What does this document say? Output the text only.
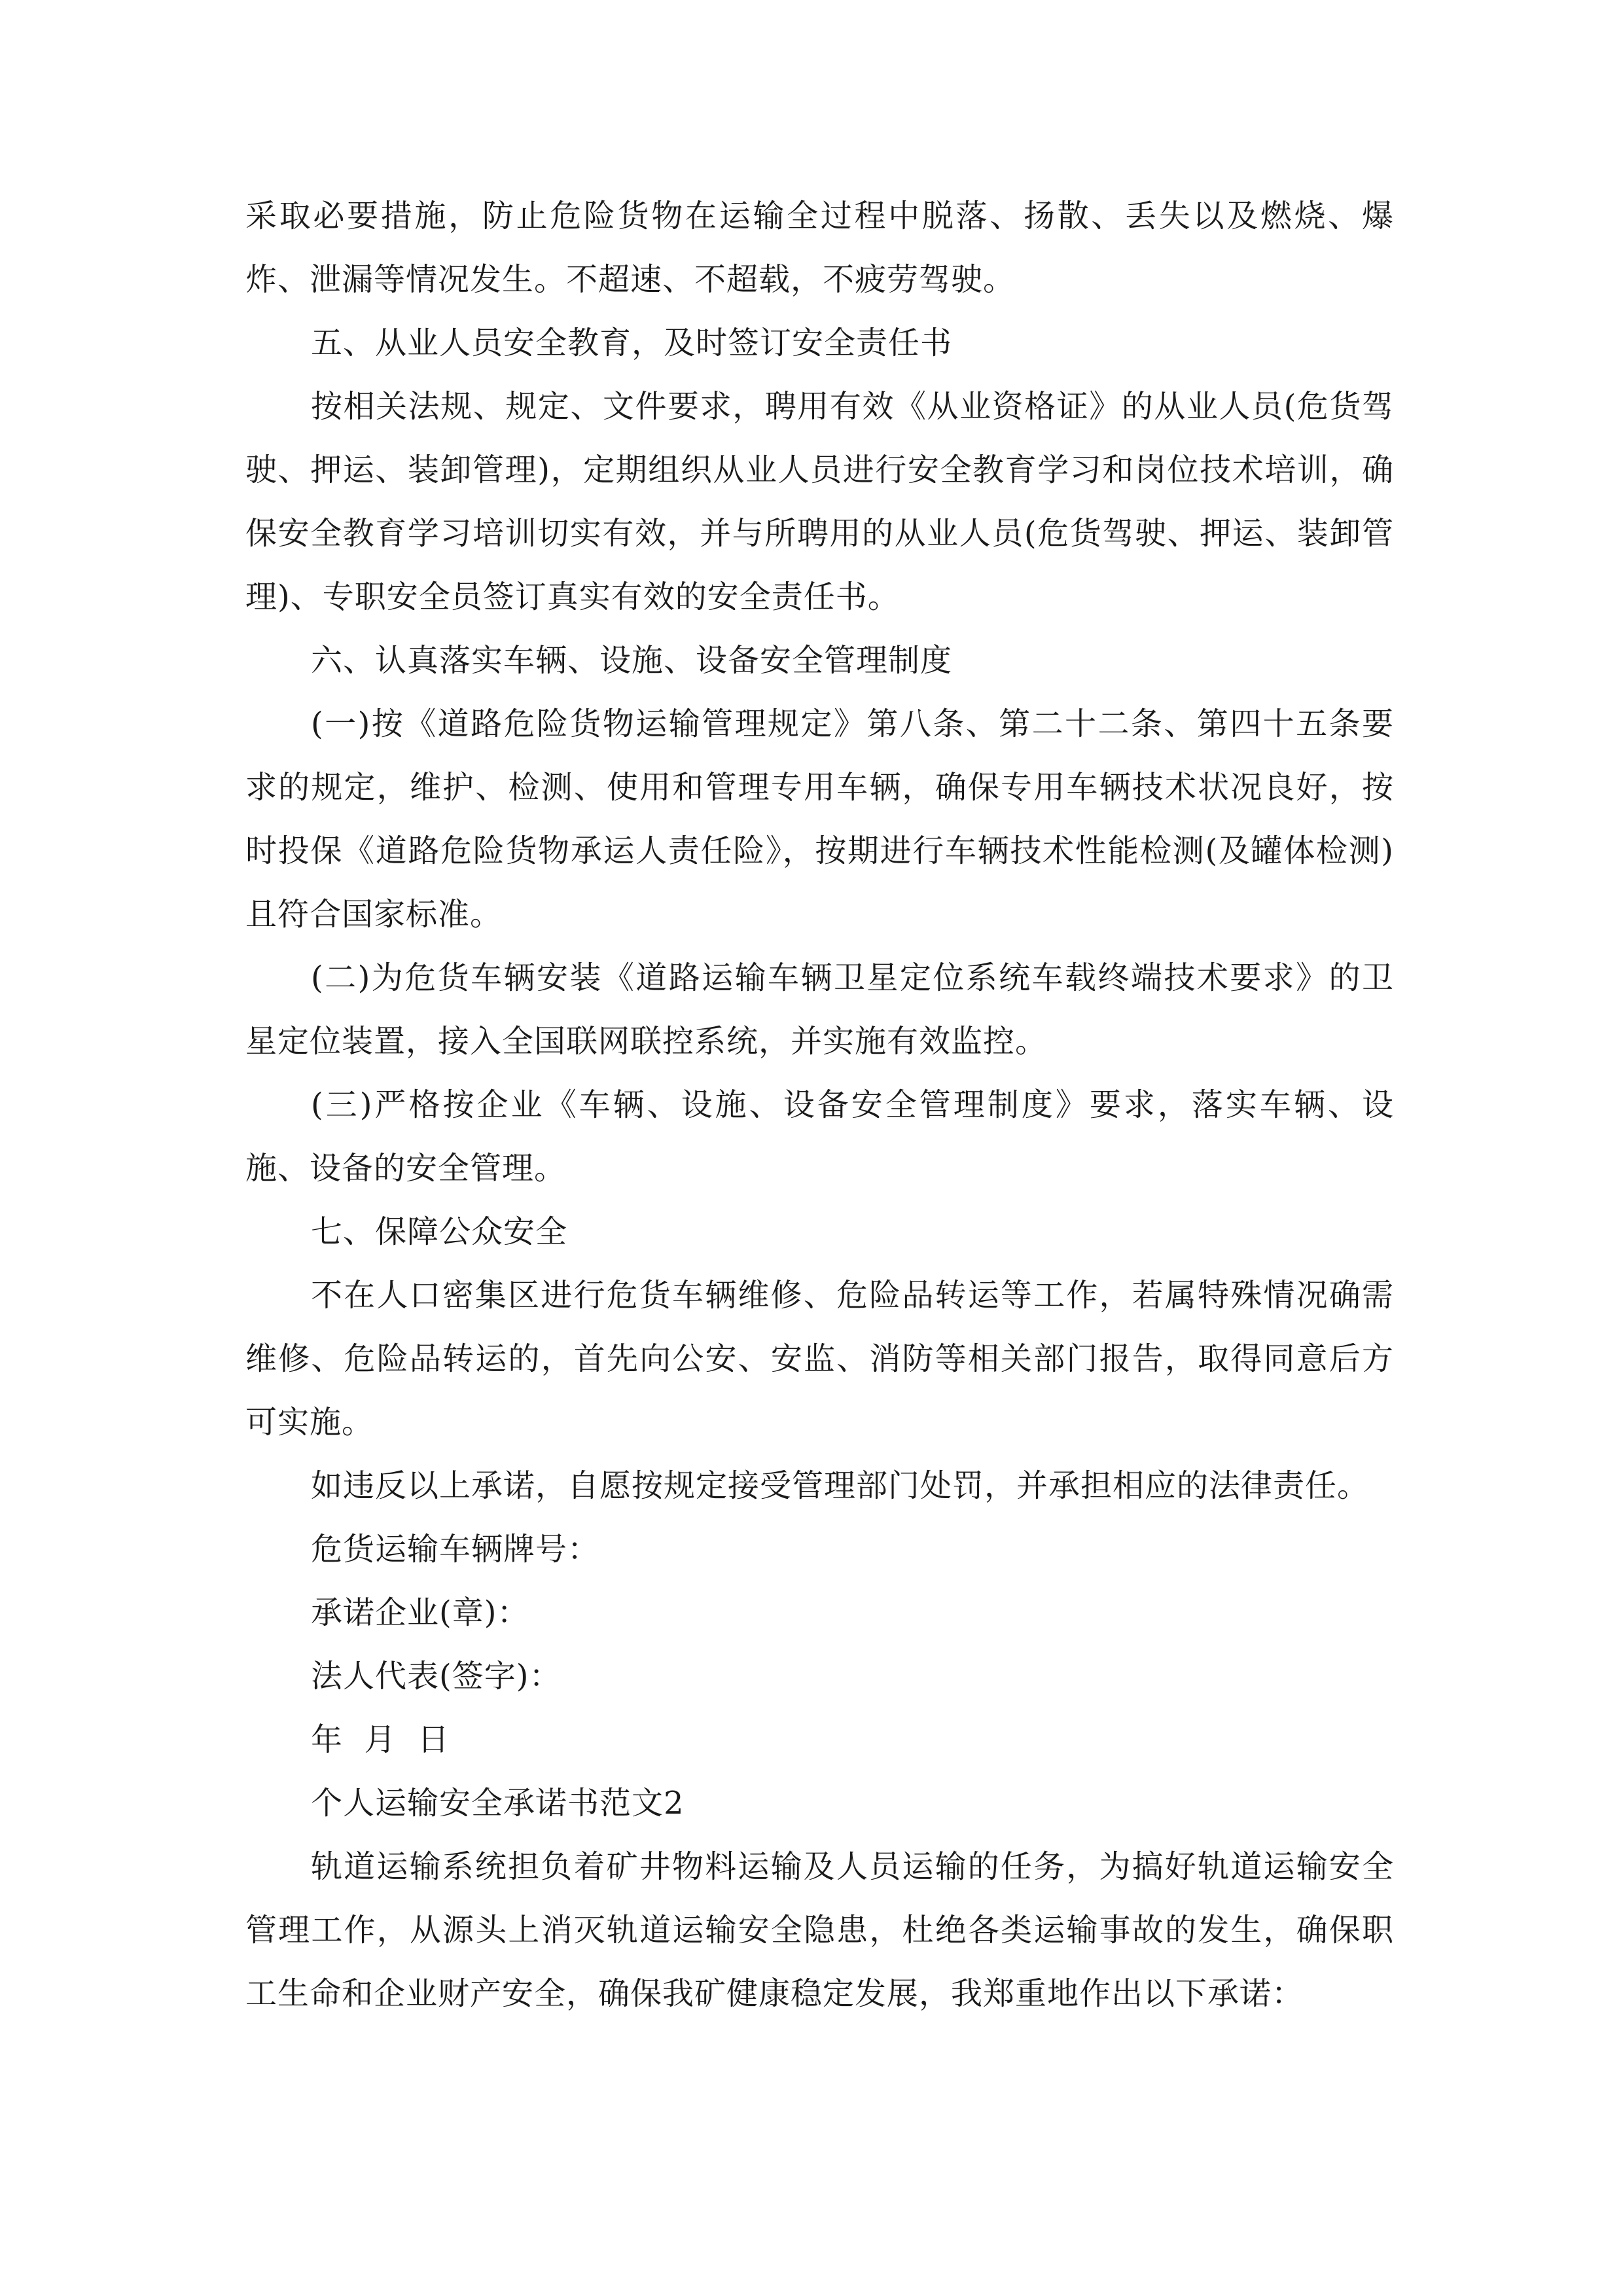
采取必要措施，防止危险货物在运输全过程中脱落、扬散、丢失以及燃烧、爆炸、泄漏等情况发生。不超速、不超载，不疲劳驾驶。

五、从业人员安全教育，及时签订安全责任书

按相关法规、规定、文件要求，聘用有效《从业资格证》的从业人员(危货驾驶、押运、装卸管理)，定期组织从业人员进行安全教育学习和岗位技术培训，确保安全教育学习培训切实有效，并与所聘用的从业人员(危货驾驶、押运、装卸管理)、专职安全员签订真实有效的安全责任书。

六、认真落实车辆、设施、设备安全管理制度

(一)按《道路危险货物运输管理规定》第八条、第二十二条、第四十五条要求的规定，维护、检测、使用和管理专用车辆，确保专用车辆技术状况良好，按时投保《道路危险货物承运人责任险》，按期进行车辆技术性能检测(及罐体检测)且符合国家标准。

(二)为危货车辆安装《道路运输车辆卫星定位系统车载终端技术要求》的卫星定位装置，接入全国联网联控系统，并实施有效监控。

(三)严格按企业《车辆、设施、设备安全管理制度》要求，落实车辆、设施、设备的安全管理。

七、保障公众安全

不在人口密集区进行危货车辆维修、危险品转运等工作，若属特殊情况确需维修、危险品转运的，首先向公安、安监、消防等相关部门报告，取得同意后方可实施。

如违反以上承诺，自愿按规定接受管理部门处罚，并承担相应的法律责任。

危货运输车辆牌号：

承诺企业(章)：

法人代表(签字)：

年  月  日

个人运输安全承诺书范文2

轨道运输系统担负着矿井物料运输及人员运输的任务，为搞好轨道运输安全管理工作，从源头上消灭轨道运输安全隐患，杜绝各类运输事故的发生，确保职工生命和企业财产安全，确保我矿健康稳定发展，我郑重地作出以下承诺：
